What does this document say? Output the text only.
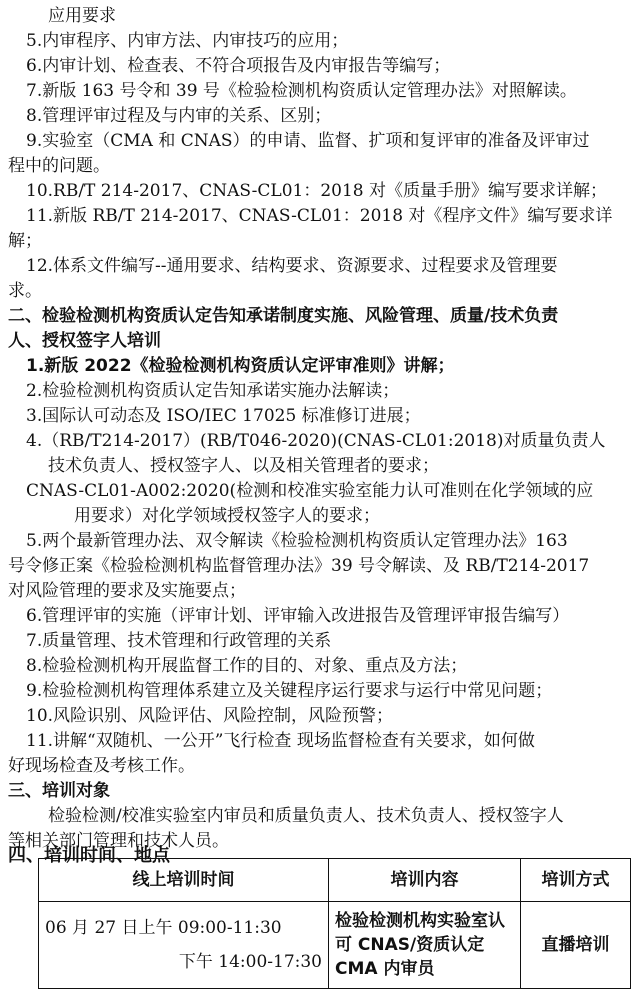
应用要求
5.内审程序、内审方法、内审技巧的应用；
6.内审计划、检查表、不符合项报告及内审报告等编写；
7.新版 163 号令和 39 号《检验检测机构资质认定管理办法》对照解读。
8.管理评审过程及与内审的关系、区别；
9.实验室（CMA 和 CNAS）的申请、监督、扩项和复评审的准备及评审过
程中的问题。
10.RB/T 214-2017、CNAS-CL01：2018 对《质量手册》编写要求详解；
11.新版 RB/T 214-2017、CNAS-CL01：2018 对《程序文件》编写要求详
解；
12.体系文件编写--通用要求、结构要求、资源要求、过程要求及管理要
求。
二、检验检测机构资质认定告知承诺制度实施、风险管理、质量/技术负责
人、授权签字人培训
1.新版 2022《检验检测机构资质认定评审准则》讲解；
2.检验检测机构资质认定告知承诺实施办法解读；
3.国际认可动态及 ISO/IEC 17025 标准修订进展；
4.（RB/T214-2017）(RB/T046-2020)(CNAS-CL01:2018)对质量负责人
技术负责人、授权签字人、以及相关管理者的要求；
CNAS-CL01-A002:2020(检测和校准实验室能力认可准则在化学领域的应
用要求）对化学领域授权签字人的要求；
5.两个最新管理办法、双令解读《检验检测机构资质认定管理办法》163
号令修正案《检验检测机构监督管理办法》39 号令解读、及 RB/T214-2017
对风险管理的要求及实施要点；
6.管理评审的实施（评审计划、评审输入改进报告及管理评审报告编写）
7.质量管理、技术管理和行政管理的关系
8.检验检测机构开展监督工作的目的、对象、重点及方法；
9.检验检测机构管理体系建立及关键程序运行要求与运行中常见问题；
10.风险识别、风险评估、风险控制，风险预警；
11.讲解“双随机、一公开”飞行检查 现场监督检查有关要求，如何做
好现场检查及考核工作。
三、培训对象
检验检测/校准实验室内审员和质量负责人、技术负责人、授权签字人
等相关部门管理和技术人员。
四、培训时间、地点
线上培训时间	培训内容	培训方式

06 月 27 日上午 09:00-11:30
下午 14:00-17:30	检验检测机构实验室认可 CNAS/资质认定 CMA 内审员	直播培训
